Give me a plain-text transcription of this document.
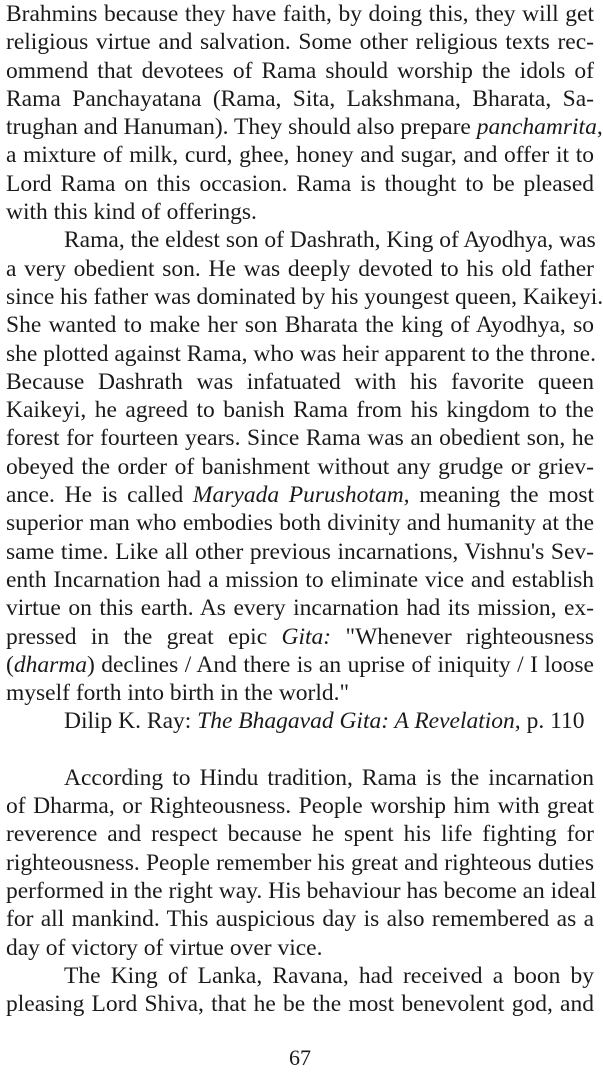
Brahmins because they have faith, by doing this, they will get
religious virtue and salvation. Some other religious texts rec-
ommend that devotees of Rama should worship the idols of
Rama Panchayatana (Rama, Sita, Lakshmana, Bharata, Sa-
trughan and Hanuman). They should also prepare panchamrita,
a mixture of milk, curd, ghee, honey and sugar, and offer it to
Lord Rama on this occasion. Rama is thought to be pleased
with this kind of offerings.
Rama, the eldest son of Dashrath, King of Ayodhya, was
a very obedient son. He was deeply devoted to his old father
since his father was dominated by his youngest queen, Kaikeyi.
She wanted to make her son Bharata the king of Ayodhya, so
she plotted against Rama, who was heir apparent to the throne.
Because Dashrath was infatuated with his favorite queen
Kaikeyi, he agreed to banish Rama from his kingdom to the
forest for fourteen years. Since Rama was an obedient son, he
obeyed the order of banishment without any grudge or griev-
ance. He is called Maryada Purushotam, meaning the most
superior man who embodies both divinity and humanity at the
same time. Like all other previous incarnations, Vishnu's Sev-
enth Incarnation had a mission to eliminate vice and establish
virtue on this earth. As every incarnation had its mission, ex-
pressed in the great epic Gita: "Whenever righteousness
(dharma) declines / And there is an uprise of iniquity / I loose
myself forth into birth in the world."
Dilip K. Ray: The Bhagavad Gita: A Revelation, p. 110
According to Hindu tradition, Rama is the incarnation
of Dharma, or Righteousness. People worship him with great
reverence and respect because he spent his life fighting for
righteousness. People remember his great and righteous duties
performed in the right way. His behaviour has become an ideal
for all mankind. This auspicious day is also remembered as a
day of victory of virtue over vice.
The King of Lanka, Ravana, had received a boon by
pleasing Lord Shiva, that he be the most benevolent god, and
67
